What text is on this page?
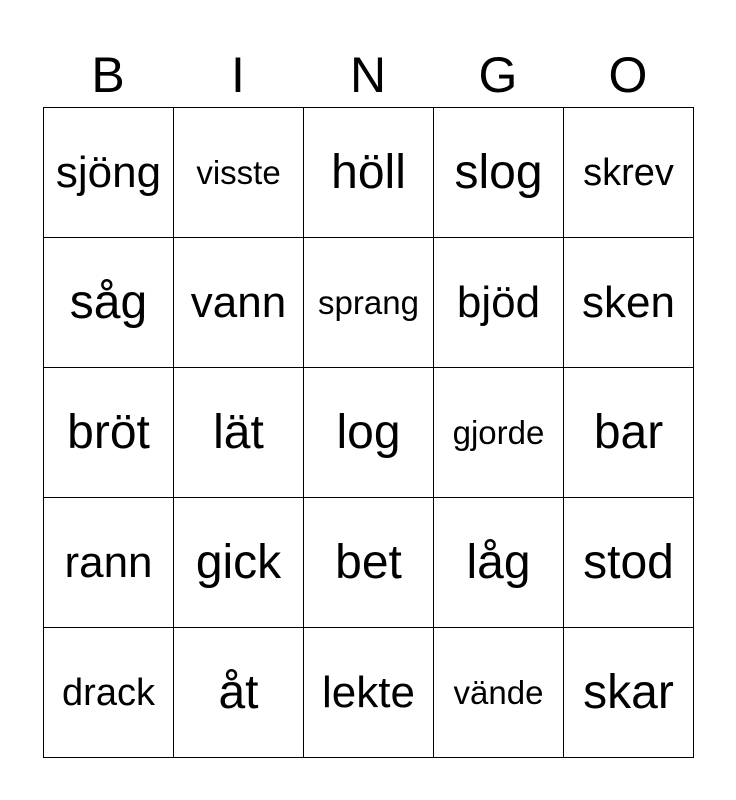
B	I	N	G	O
sjöng	visste	höll	slog	skrev
såg vann sprang bjöd sken
bröt	lät	log	gjorde	bar
rann gick	bet	låg	stod
drack	åt	lekte	vände skar
